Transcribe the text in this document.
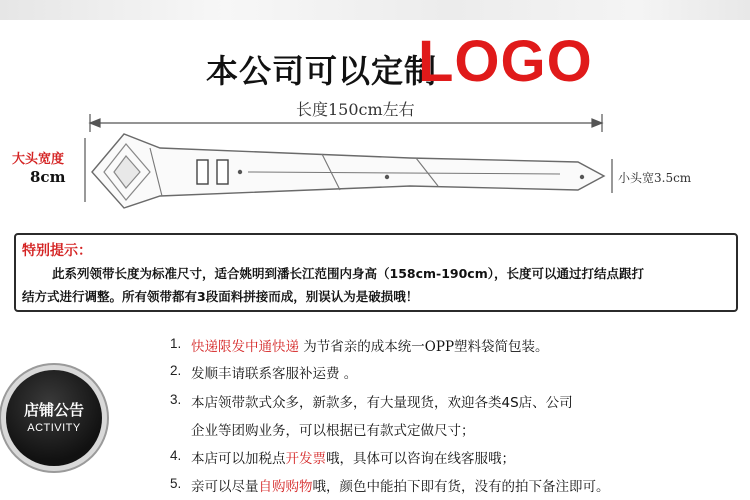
本公司可以定制
LOGO
长度150cm左右
大头宽度
8cm	小头宽3.5cm
特别提示：
此系列领带长度为标准尺寸，适合姚明到潘长江范围内身高（158cm-190cm），长度可以通过打结点跟打
结方式进行调整。所有领带都有3段面料拼接而成，别误认为是破损哦！
店铺公告
ACTIVITY
1. 快递限发中通快递 为节省亲的成本统一OPP塑料袋简包装。
2. 发顺丰请联系客服补运费 。
3. 本店领带款式众多，新款多，有大量现货，欢迎各类4S店、公司
企业等团购业务，可以根据已有款式定做尺寸；
4. 本店可以加税点开发票哦，具体可以咨询在线客服哦；
5. 亲可以尽量自购购物哦，颜色中能拍下即有货，没有的拍下备注即可。
